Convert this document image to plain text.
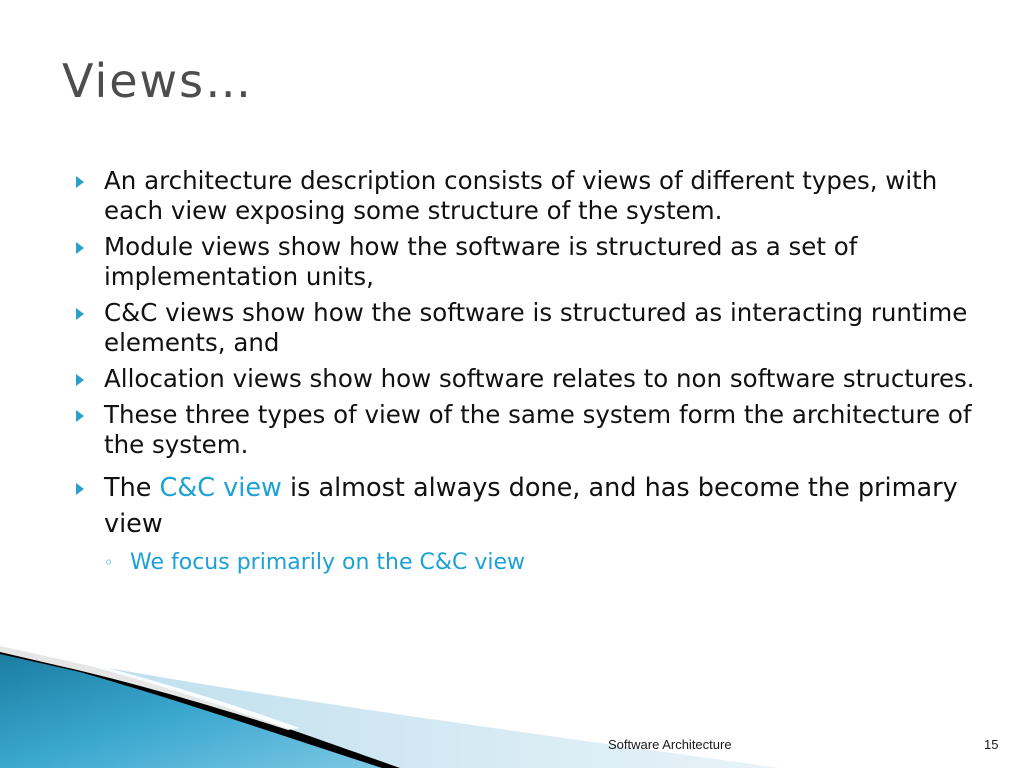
Views…
An architecture description consists of views of different types, with each view exposing some structure of the system.
Module views show how the software is structured as a set of implementation units,
C&C views show how the software is structured as interacting runtime elements, and
Allocation views show how software relates to non software structures.
These three types of view of the same system form the architecture of the system.
The C&C view is almost always done, and has become the primary view
◦ We focus primarily on the C&C view
Software Architecture	15
